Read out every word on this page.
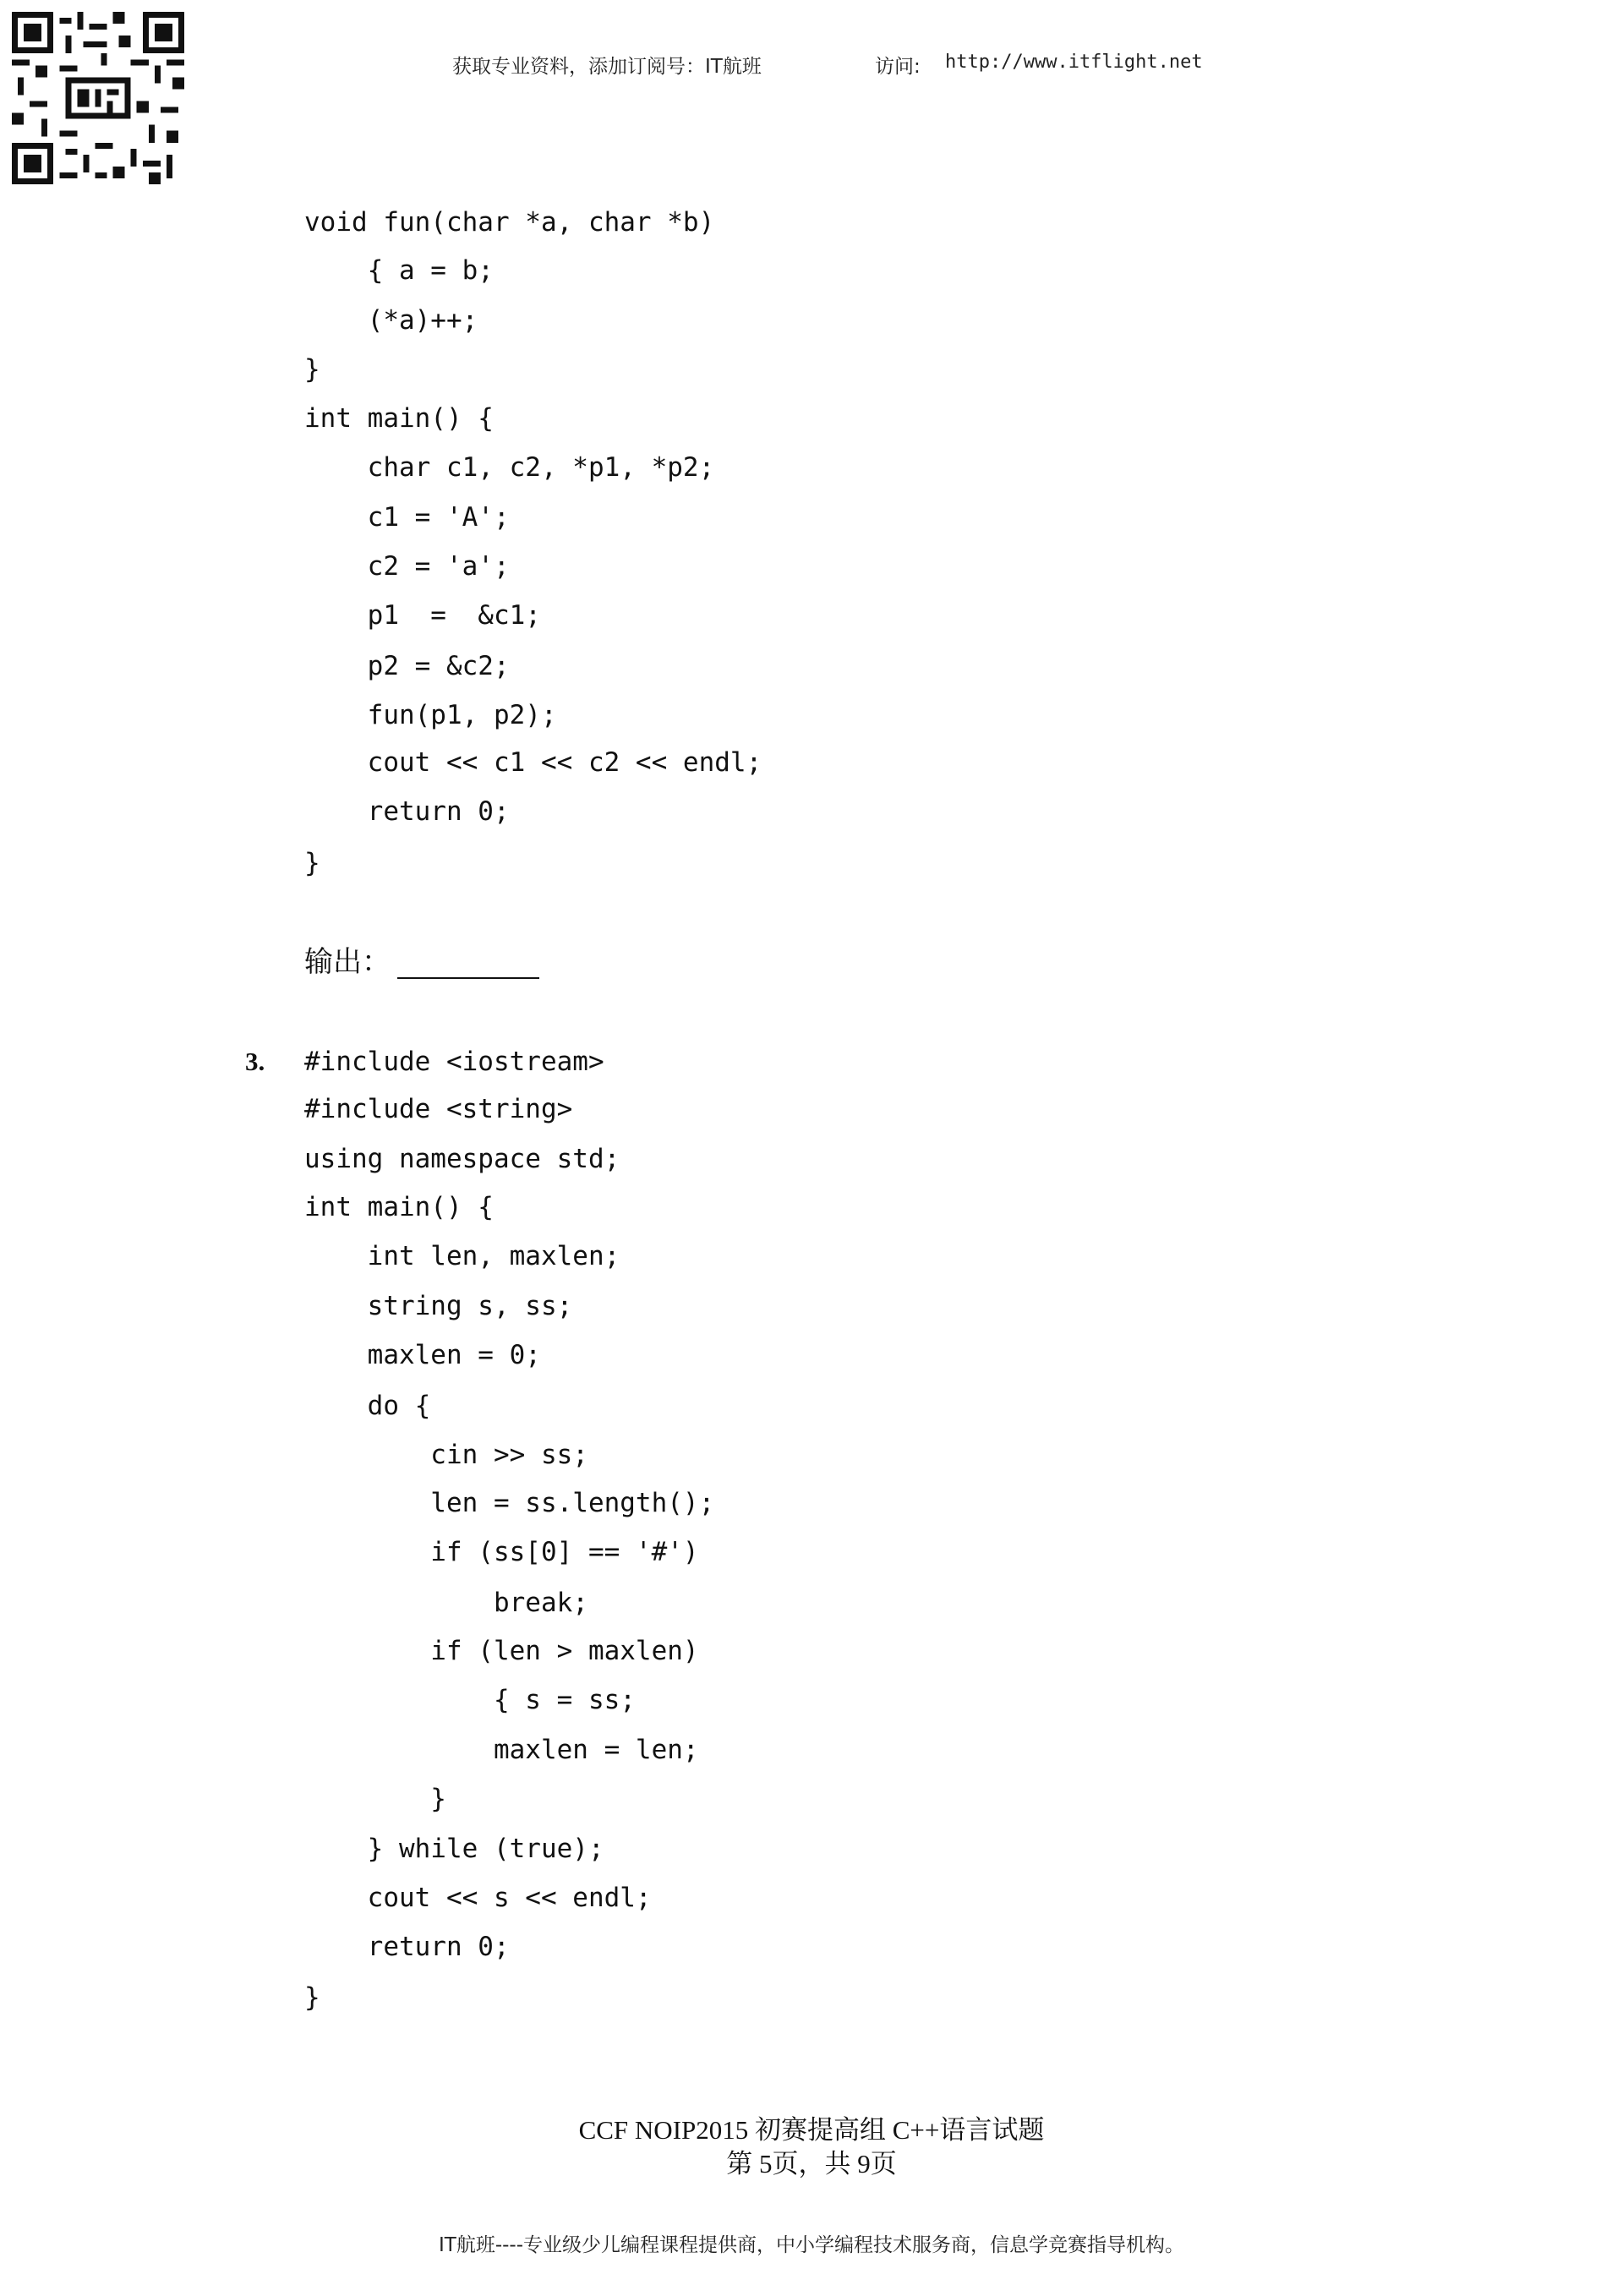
获取专业资料，添加订阅号：IT航班	访问: http://www.itflight.net
void fun(char *a, char *b)
{ a = b;
(*a)++;
}
int main() {
char c1, c2, *p1, *p2;
c1 = 'A';
c2 = 'a';
p1  =  &c1;
p2 = &c2;
fun(p1, p2);
cout << c1 << c2 << endl;
return 0;
}
输出：
3. #include <iostream>
#include <string>
using namespace std;
int main() {
int len, maxlen;
string s, ss;
maxlen = 0;
do {
cin >> ss;
len = ss.length();
if (ss[0] == '#')
break;
if (len > maxlen)
{ s = ss;
maxlen = len;
}
} while (true);
cout << s << endl;
return 0;
}
CCF NOIP2015 初赛提高组 C++语言试题
第 5页，共 9页
IT航班----专业级少儿编程课程提供商，中小学编程技术服务商，信息学竞赛指导机构。
